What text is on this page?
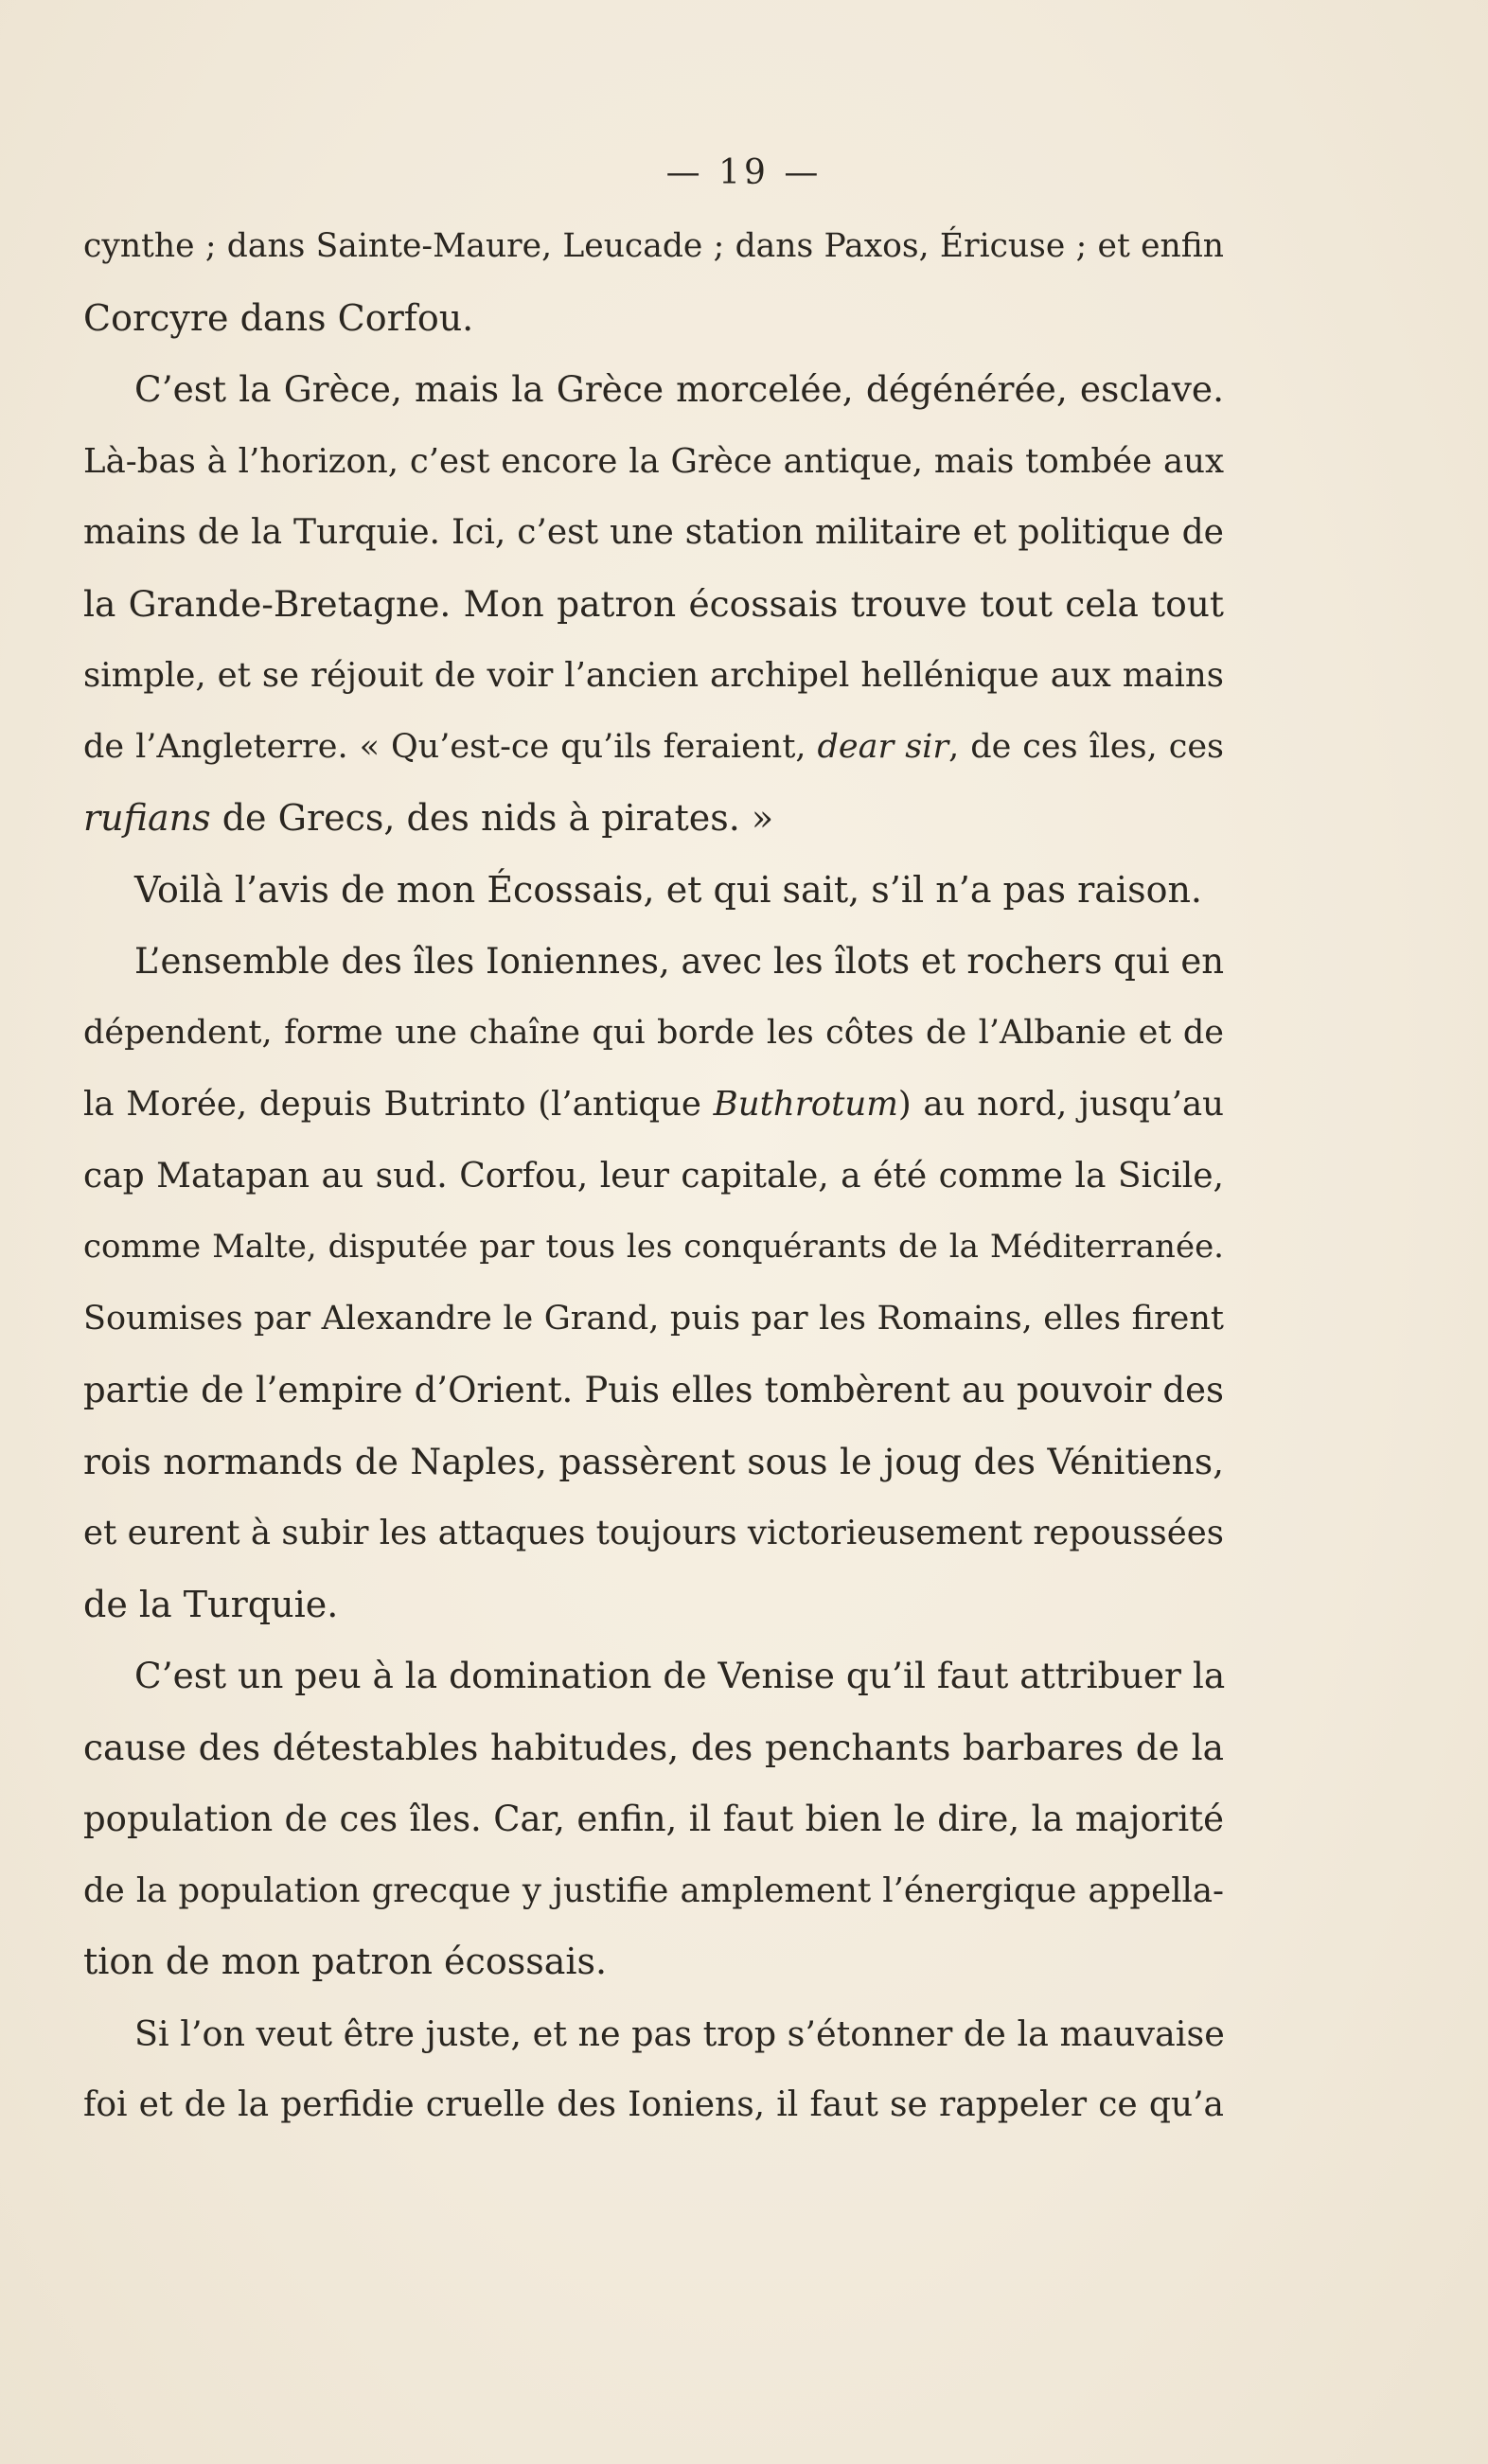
— 19 —
cynthe ; dans Sainte-Maure, Leucade ; dans Paxos, Éricuse ; et enfin
Corcyre dans Corfou.
C’est la Grèce, mais la Grèce morcelée, dégénérée, esclave.
Là-bas à l’horizon, c’est encore la Grèce antique, mais tombée aux
mains de la Turquie. Ici, c’est une station militaire et politique de
la Grande-Bretagne. Mon patron écossais trouve tout cela tout
simple, et se réjouit de voir l’ancien archipel hellénique aux mains
de l’Angleterre. « Qu’est-ce qu’ils feraient, dear sir, de ces îles, ces
rufians de Grecs, des nids à pirates. »
Voilà l’avis de mon Écossais, et qui sait, s’il n’a pas raison.
L’ensemble des îles Ioniennes, avec les îlots et rochers qui en
dépendent, forme une chaîne qui borde les côtes de l’Albanie et de
la Morée, depuis Butrinto (l’antique Buthrotum) au nord, jusqu’au
cap Matapan au sud. Corfou, leur capitale, a été comme la Sicile,
comme Malte, disputée par tous les conquérants de la Méditerranée.
Soumises par Alexandre le Grand, puis par les Romains, elles firent
partie de l’empire d’Orient. Puis elles tombèrent au pouvoir des
rois normands de Naples, passèrent sous le joug des Vénitiens,
et eurent à subir les attaques toujours victorieusement repoussées
de la Turquie.
C’est un peu à la domination de Venise qu’il faut attribuer la
cause des détestables habitudes, des penchants barbares de la
population de ces îles. Car, enfin, il faut bien le dire, la majorité
de la population grecque y justifie amplement l’énergique appella-
tion de mon patron écossais.
Si l’on veut être juste, et ne pas trop s’étonner de la mauvaise
foi et de la perfidie cruelle des Ioniens, il faut se rappeler ce qu’a
